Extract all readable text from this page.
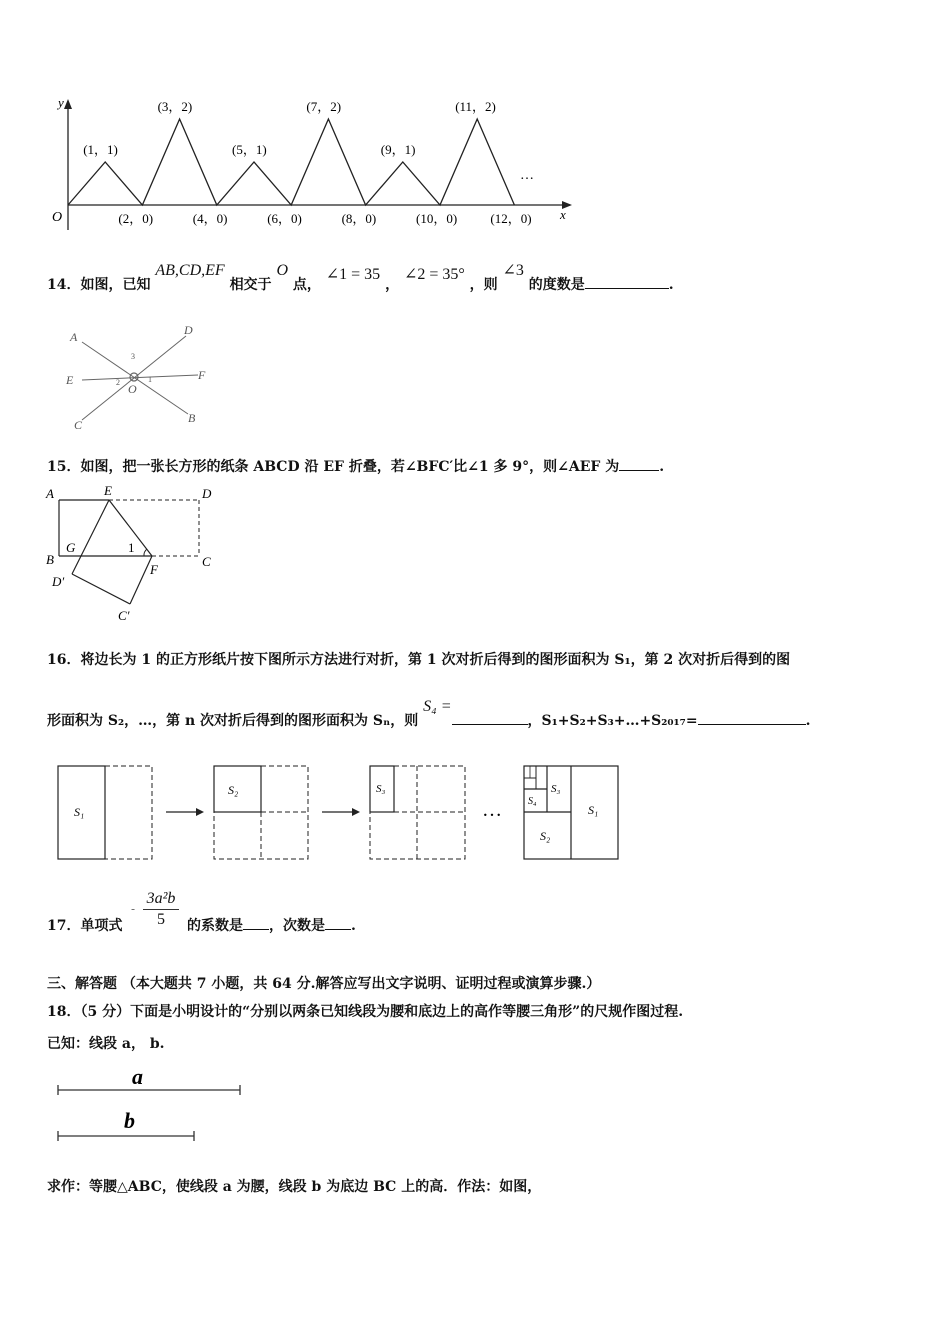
y
x
O
…
(1，1)
(3，2)
(5，1)
(7，2)
(9，1)
(11，2)
(2，0)	(4，0)	(6，0)	(8，0)	(10，0)	(12，0)
14．如图，已知 AB,CD,EF 相交于 O 点， ∠1 = 35 ， ∠2 = 35° ，则 ∠3 的度数是	.
A	D
E	F
C	B
O
3
2	1
15．如图，把一张长方形的纸条 ABCD 沿 EF 折叠，若∠BFC′比∠1 多 9°，则∠AEF 为	.
A	E	D
B
G	1
C
D′
F
C′
16．将边长为 1 的正方形纸片按下图所示方法进行对折，第 1 次对折后得到的图形面积为 S₁，第 2 次对折后得到的图
形面积为 S₂，…，第 n 次对折后得到的图形面积为 Sₙ，则 S₄ =，S₁+S₂+S₃+…+S₂₀₁₇=	.
S₁
S₂	S₃
…
S₃
S₄
S₂
S₁
17．单项式
-
3a²b
5	的系数是 ，次数是 .
三、解答题 （本大题共 7 小题，共 64 分.解答应写出文字说明、证明过程或演算步骤.）
18．（5 分）下面是小明设计的“分别以两条已知线段为腰和底边上的高作等腰三角形”的尺规作图过程.
已知：线段 a， b.
a
b
求作：等腰△ABC，使线段 a 为腰，线段 b 为底边 BC 上的高．作法：如图，
